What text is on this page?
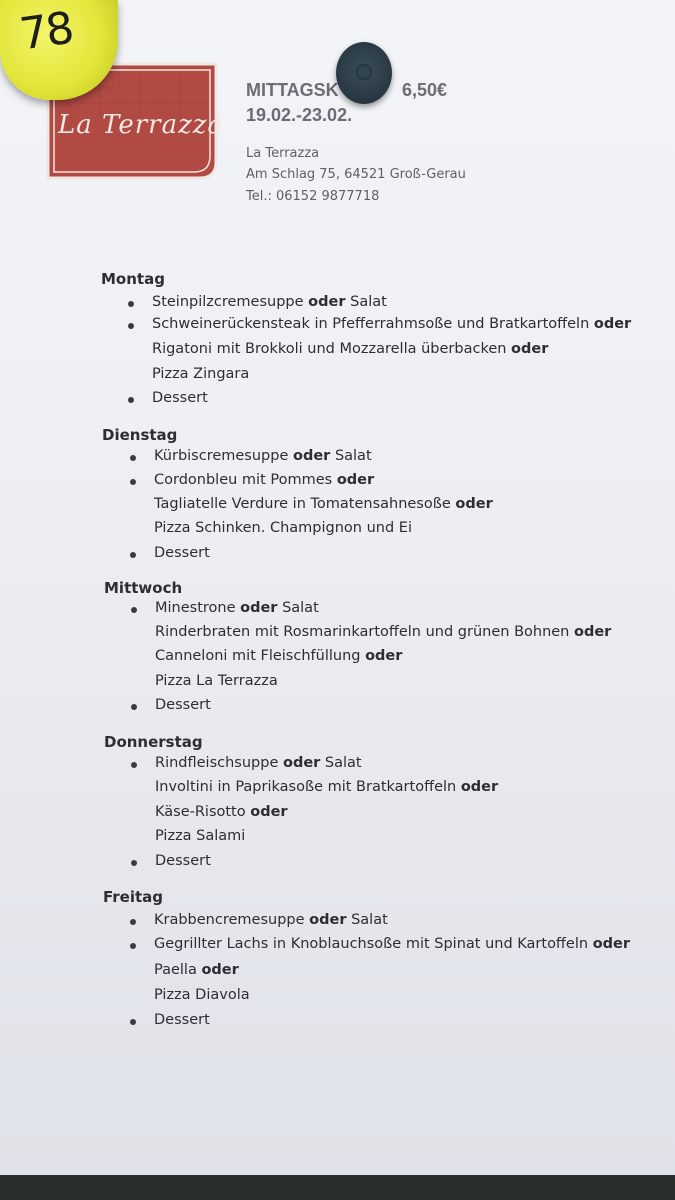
La Terrazza
78
MITTAGSK	6,50€
19.02.-23.02.
La Terrazza
Am Schlag 75, 64521 Groß-Gerau
Tel.: 06152 9877718
Montag
Steinpilzcremesuppe oder Salat
Schweinerückensteak in Pfefferrahmsoße und Bratkartoffeln oder
Rigatoni mit Brokkoli und Mozzarella überbacken oder
Pizza Zingara
Dessert
Dienstag
Kürbiscremesuppe oder Salat
Cordonbleu mit Pommes oder
Tagliatelle Verdure in Tomatensahnesoße oder
Pizza Schinken. Champignon und Ei
Dessert
Mittwoch
Minestrone oder Salat
Rinderbraten mit Rosmarinkartoffeln und grünen Bohnen oder
Canneloni mit Fleischfüllung oder
Pizza La Terrazza
Dessert
Donnerstag
Rindfleischsuppe oder Salat
Involtini in Paprikasoße mit Bratkartoffeln oder
Käse-Risotto oder
Pizza Salami
Dessert
Freitag
Krabbencremesuppe oder Salat
Gegrillter Lachs in Knoblauchsoße mit Spinat und Kartoffeln oder
Paella oder
Pizza Diavola
Dessert
